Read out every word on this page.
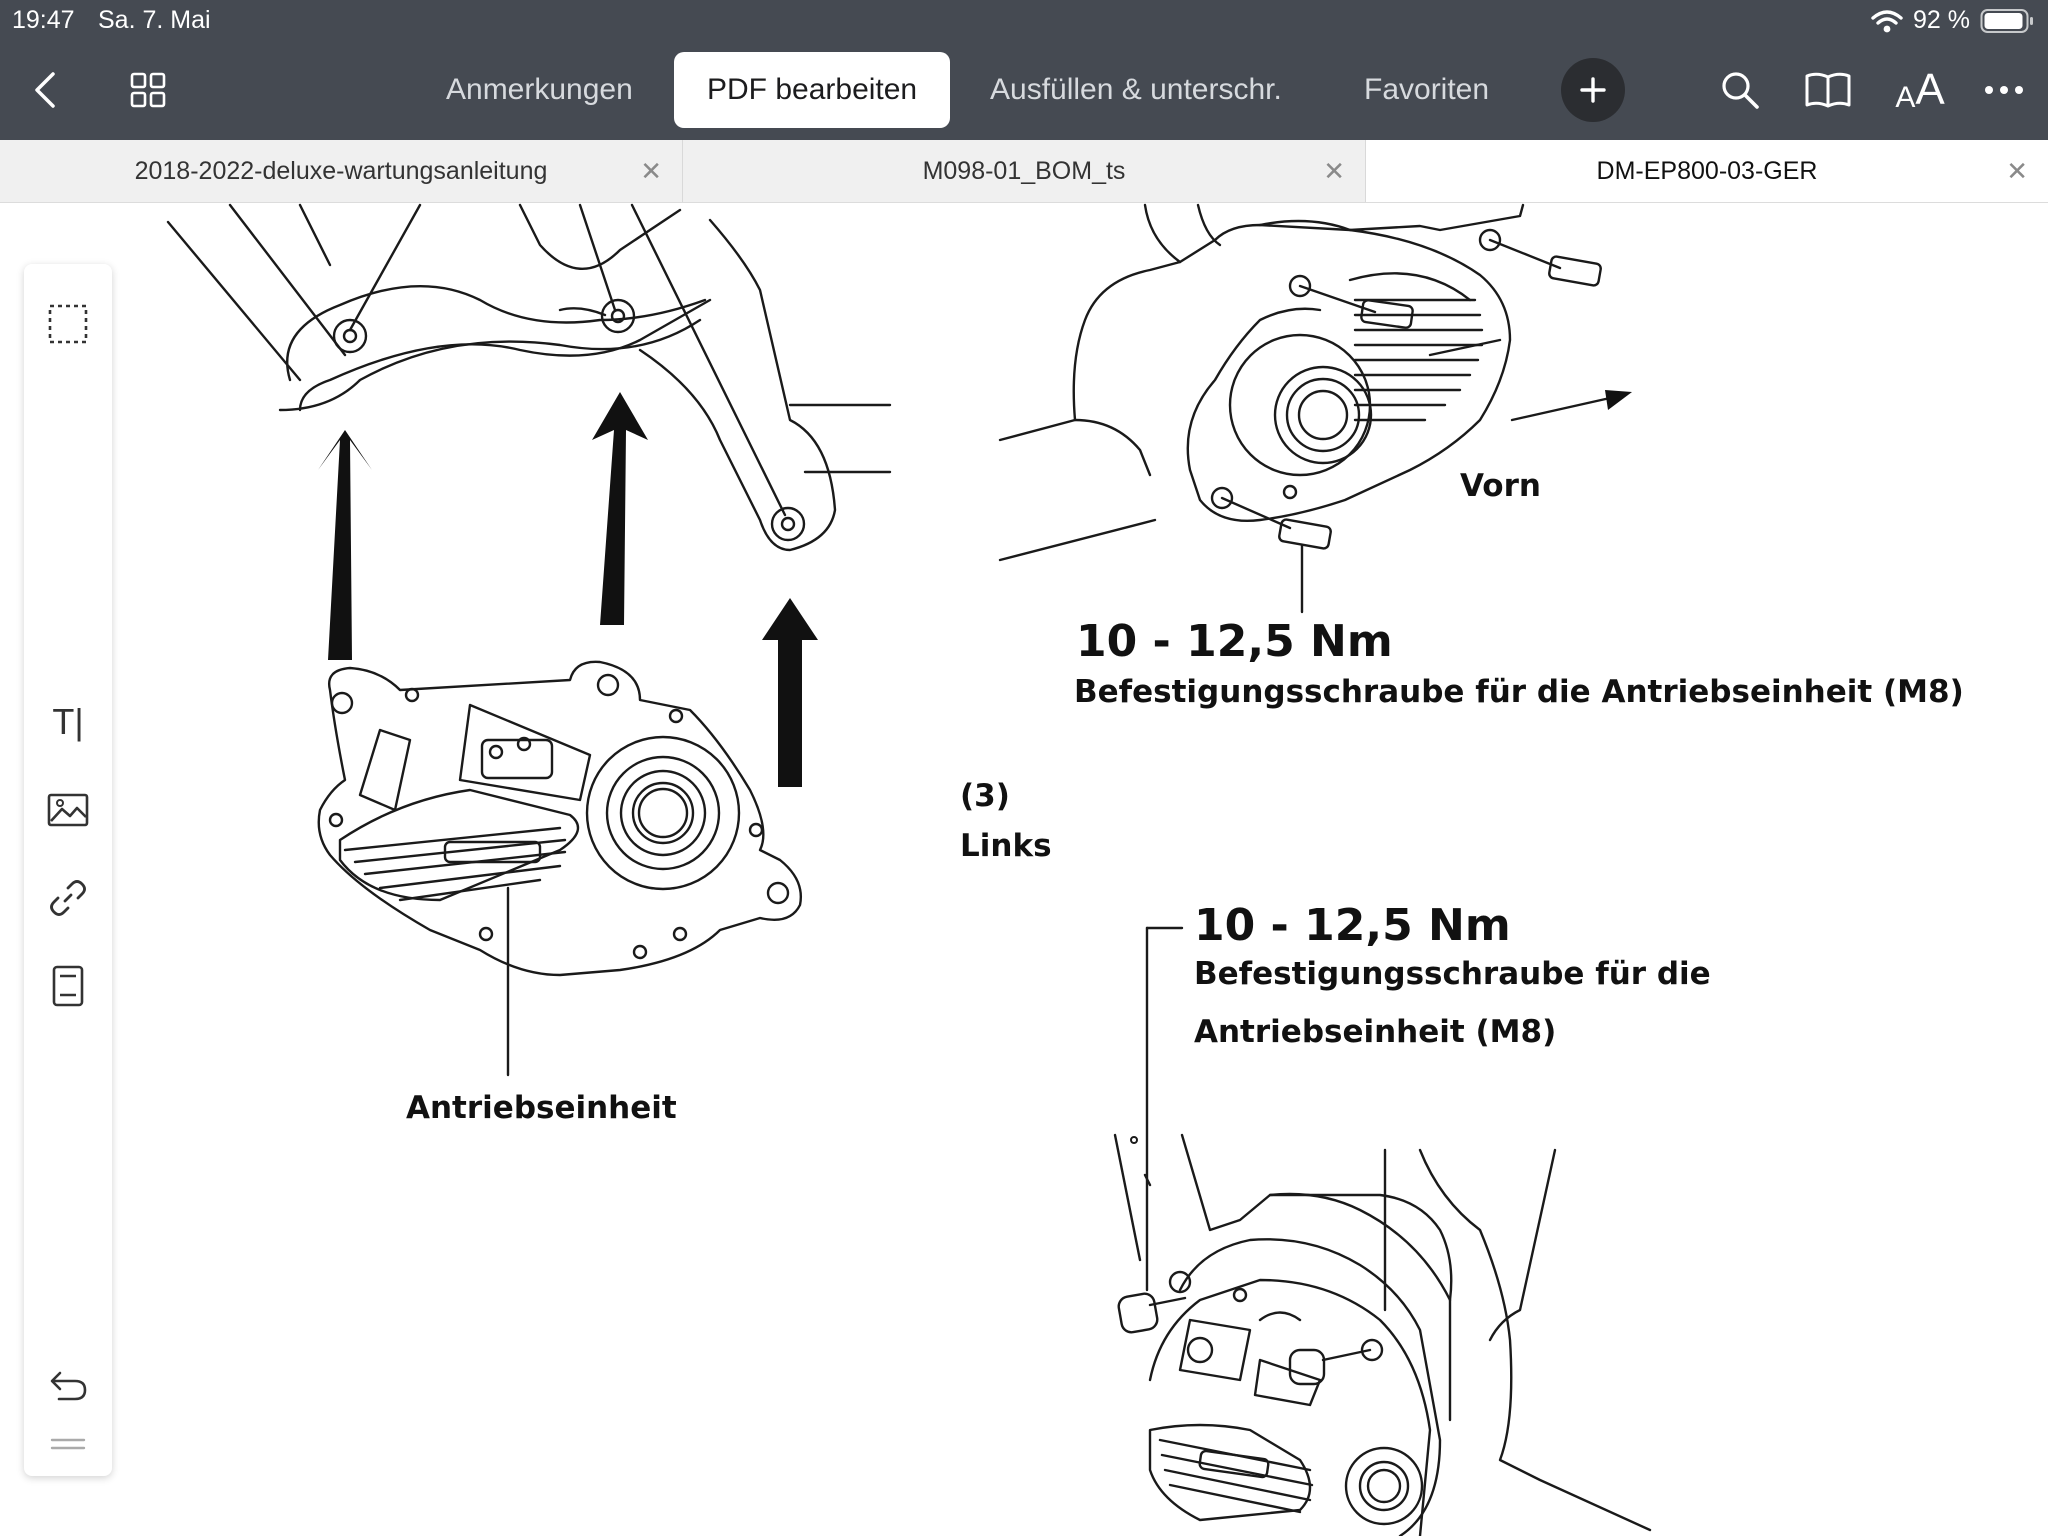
19:47 Sa. 7. Mai	92 %
Anmerkungen	PDF bearbeiten	Ausfüllen & unterschr.	Favoriten	A A
2018-2022-deluxe-wartungsanleitung	✕	M098-01_BOM_ts	✕	DM-EP800-03-GER	✕
Vorn
10 - 12,5 Nm
Befestigungsschraube für die Antriebseinheit (M8)
(3)
Links
10 - 12,5 Nm
Befestigungsschraube für die
Antriebseinheit (M8)
Antriebseinheit
T|
